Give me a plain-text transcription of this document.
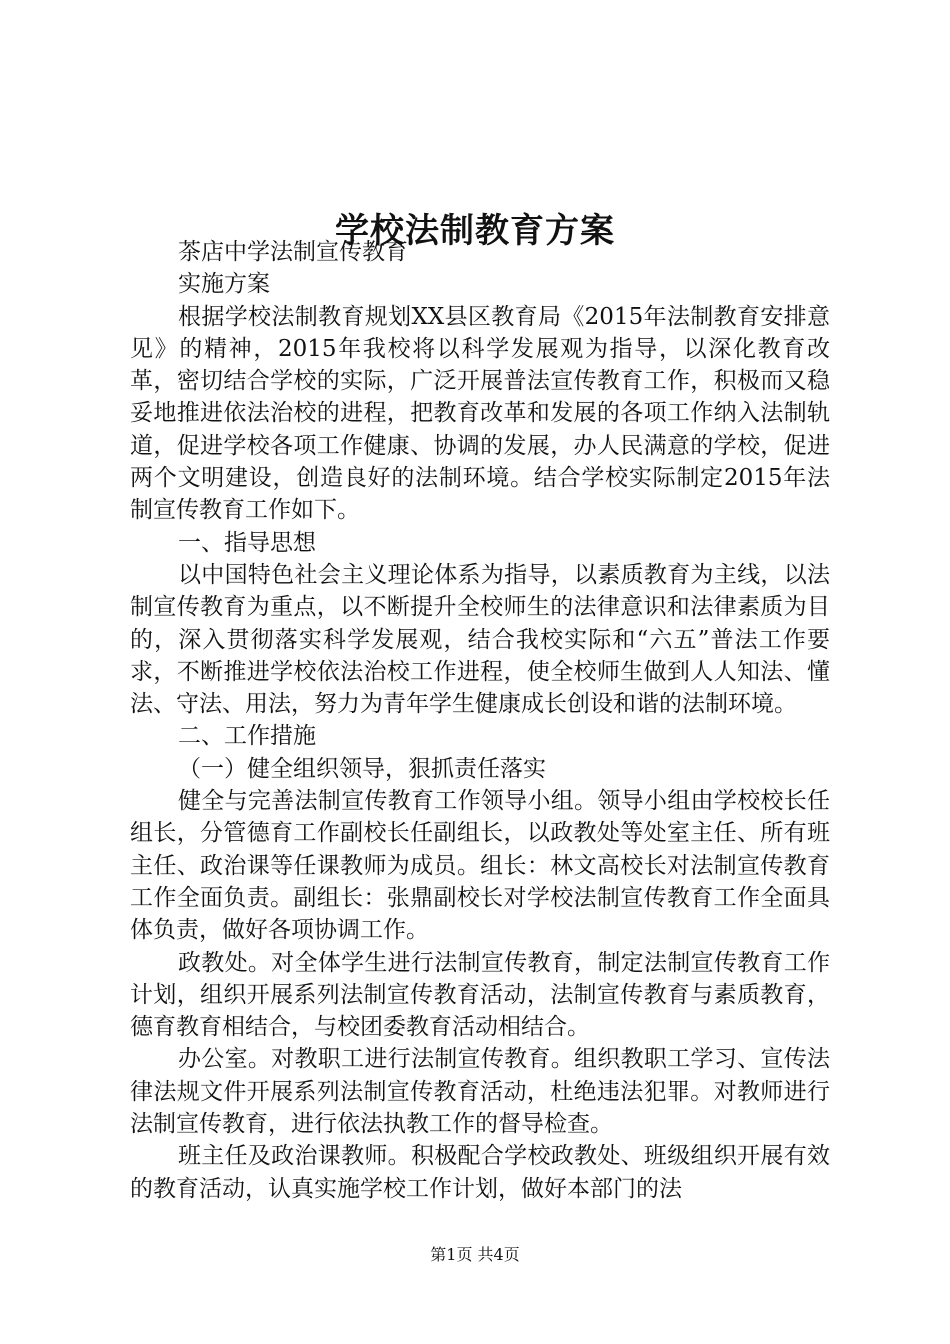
学校法制教育方案

茶店中学法制宣传教育

实施方案

根据学校法制教育规划XX县区教育局《2015年法制教育安排意见》的精神，2015年我校将以科学发展观为指导，以深化教育改革，密切结合学校的实际，广泛开展普法宣传教育工作，积极而又稳妥地推进依法治校的进程，把教育改革和发展的各项工作纳入法制轨道，促进学校各项工作健康、协调的发展，办人民满意的学校，促进两个文明建设，创造良好的法制环境。结合学校实际制定2015年法制宣传教育工作如下。

一、指导思想

以中国特色社会主义理论体系为指导，以素质教育为主线，以法制宣传教育为重点，以不断提升全校师生的法律意识和法律素质为目的，深入贯彻落实科学发展观，结合我校实际和“六五”普法工作要求，不断推进学校依法治校工作进程，使全校师生做到人人知法、懂法、守法、用法，努力为青年学生健康成长创设和谐的法制环境。

二、工作措施

（一）健全组织领导，狠抓责任落实

健全与完善法制宣传教育工作领导小组。领导小组由学校校长任组长，分管德育工作副校长任副组长，以政教处等处室主任、所有班主任、政治课等任课教师为成员。组长：林文高校长对法制宣传教育工作全面负责。副组长：张鼎副校长对学校法制宣传教育工作全面具体负责，做好各项协调工作。

政教处。对全体学生进行法制宣传教育，制定法制宣传教育工作计划，组织开展系列法制宣传教育活动，法制宣传教育与素质教育，德育教育相结合，与校团委教育活动相结合。

办公室。对教职工进行法制宣传教育。组织教职工学习、宣传法律法规文件开展系列法制宣传教育活动，杜绝违法犯罪。对教师进行法制宣传教育，进行依法执教工作的督导检查。

班主任及政治课教师。积极配合学校政教处、班级组织开展有效的教育活动，认真实施学校工作计划，做好本部门的法

第1页 共4页
